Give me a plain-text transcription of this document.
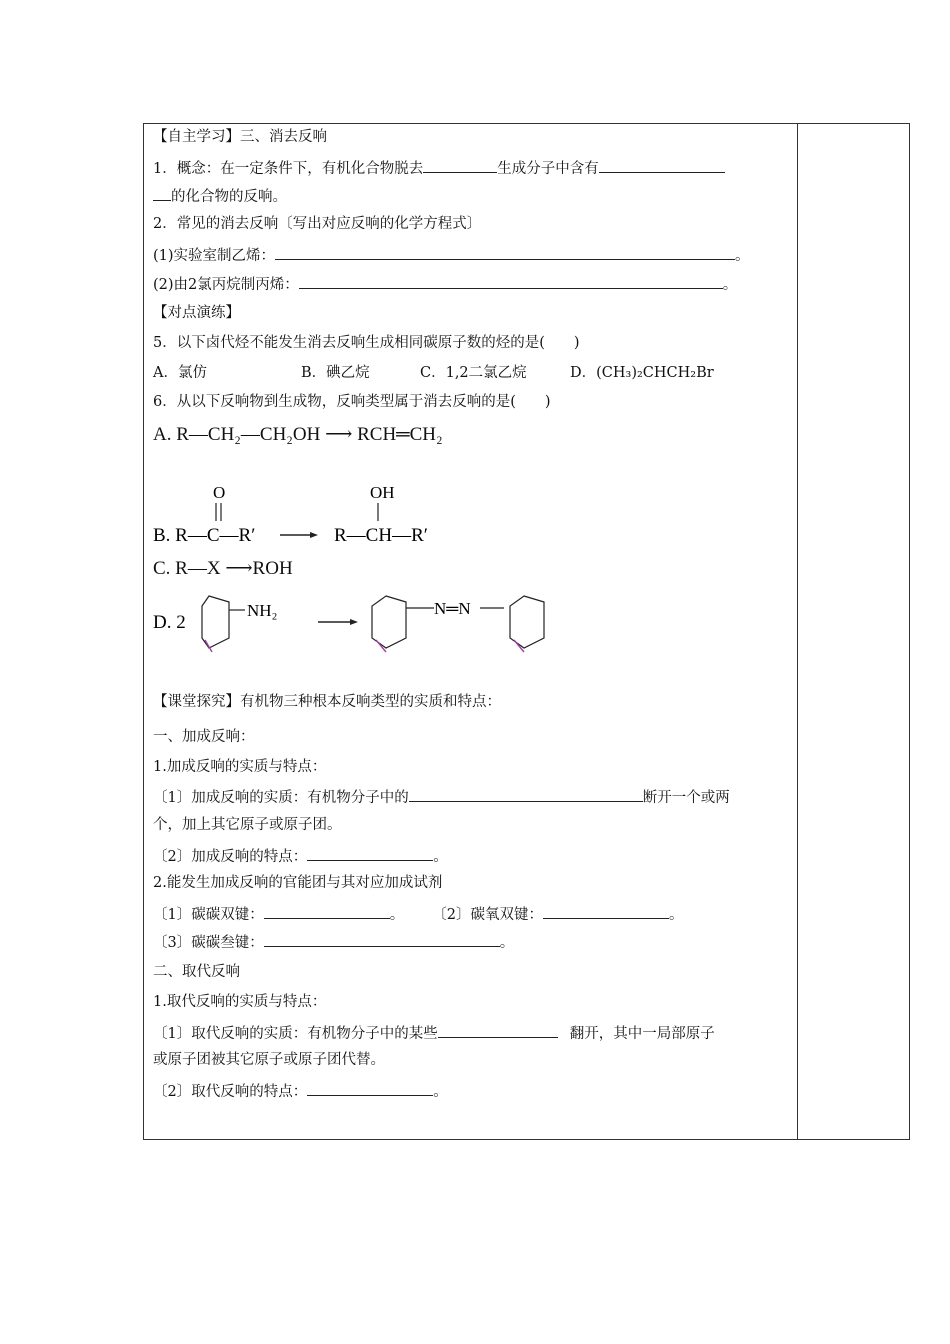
【自主学习】三、消去反响
1．概念：在一定条件下，有机化合物脱去	生成分子中含有
的化合物的反响。
2．常见的消去反响〔写出对应反响的化学方程式〕
(1)实验室制乙烯：	。
(2)由2氯丙烷制丙烯：	。
【对点演练】
5．以下卤代烃不能发生消去反响生成相同碳原子数的烃的是(　　)
A．氯仿	B．碘乙烷	C．1,2二氯乙烷	D．(CH₃)₂CHCH₂Br
6．从以下反响物到生成物，反响类型属于消去反响的是(　　)
A. R—CH₂—CH₂OH ⟶ RCH═CH₂
O
B. R—C—R′
OH
R—CH—R′
C. R—X ⟶ROH
D. 2
NH₂	N═N
【课堂探究】有机物三种根本反响类型的实质和特点：
一、加成反响：
1.加成反响的实质与特点：
〔1〕加成反响的实质：有机物分子中的	断开一个或两
个，加上其它原子或原子团。
〔2〕加成反响的特点：	。
2.能发生加成反响的官能团与其对应加成试剂
〔1〕碳碳双键：	。 〔2〕碳氧双键：	。
〔3〕碳碳叁键：	。
二、取代反响
1.取代反响的实质与特点：
〔1〕取代反响的实质：有机物分子中的某些	翻开，其中一局部原子
或原子团被其它原子或原子团代替。
〔2〕取代反响的特点：	。
